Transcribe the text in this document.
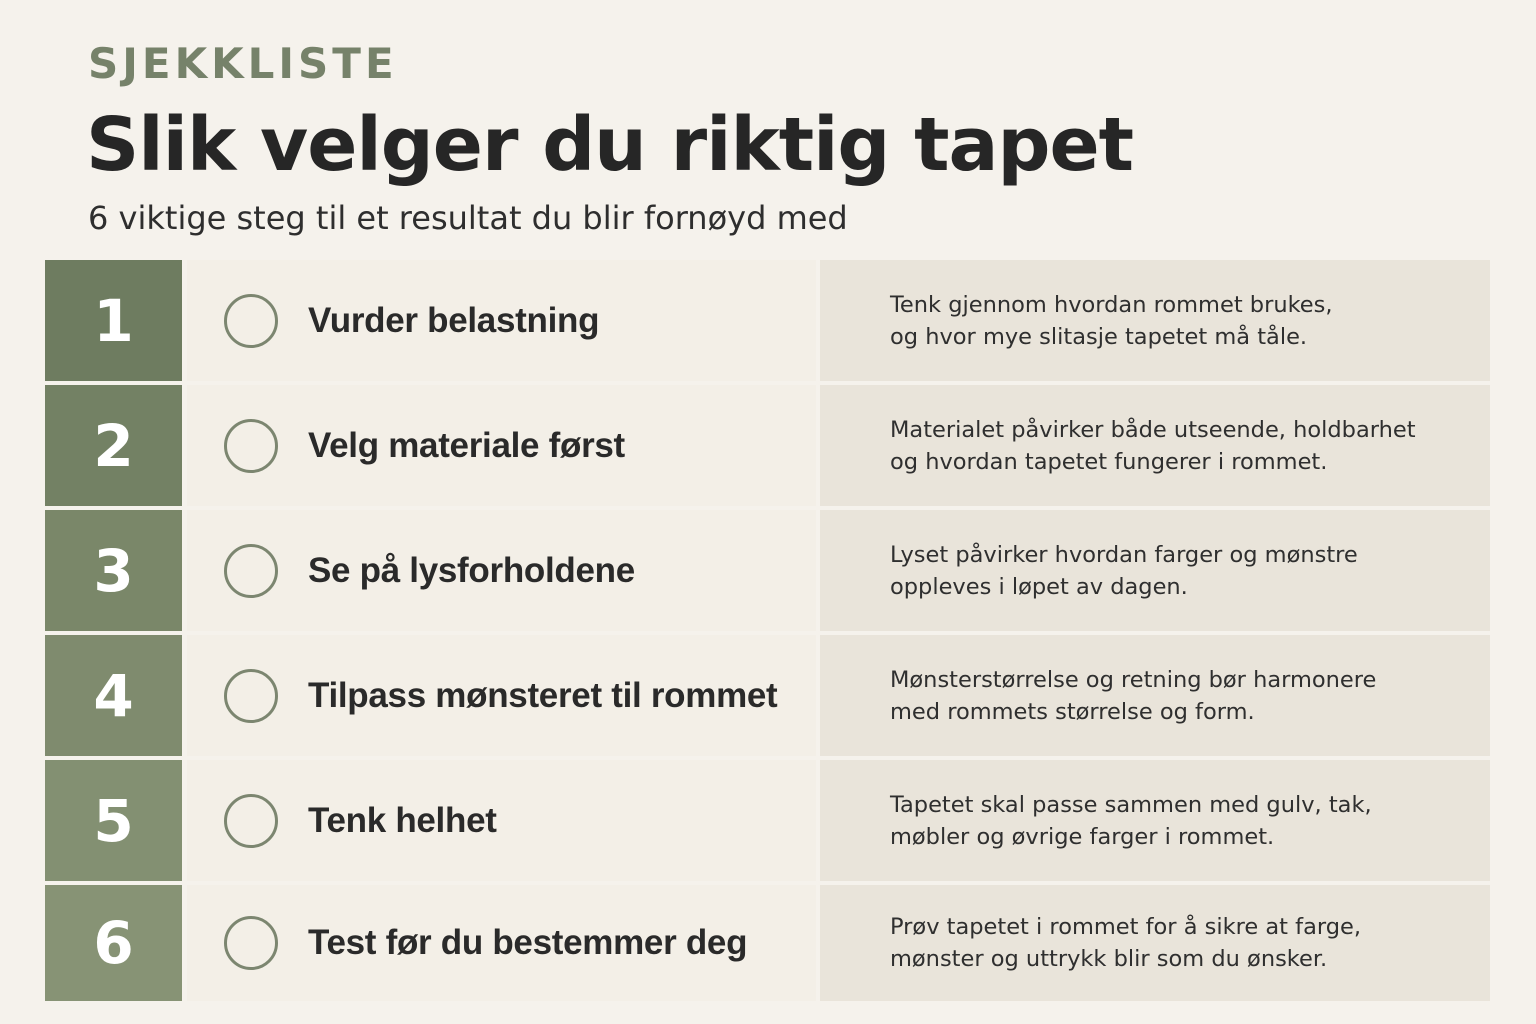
SJEKKLISTE
Slik velger du riktig tapet
6 viktige steg til et resultat du blir fornøyd med
1	Vurder belastning	Tenk gjennom hvordan rommet brukes,
og hvor mye slitasje tapetet må tåle.

2	Velg materiale først	Materialet påvirker både utseende, holdbarhet
og hvordan tapetet fungerer i rommet.

3	Se på lysforholdene	Lyset påvirker hvordan farger og mønstre
oppleves i løpet av dagen.

4	Tilpass mønsteret til rommet	Mønsterstørrelse og retning bør harmonere
med rommets størrelse og form.

5	Tenk helhet	Tapetet skal passe sammen med gulv, tak,
møbler og øvrige farger i rommet.

6	Test før du bestemmer deg	Prøv tapetet i rommet for å sikre at farge,
mønster og uttrykk blir som du ønsker.
